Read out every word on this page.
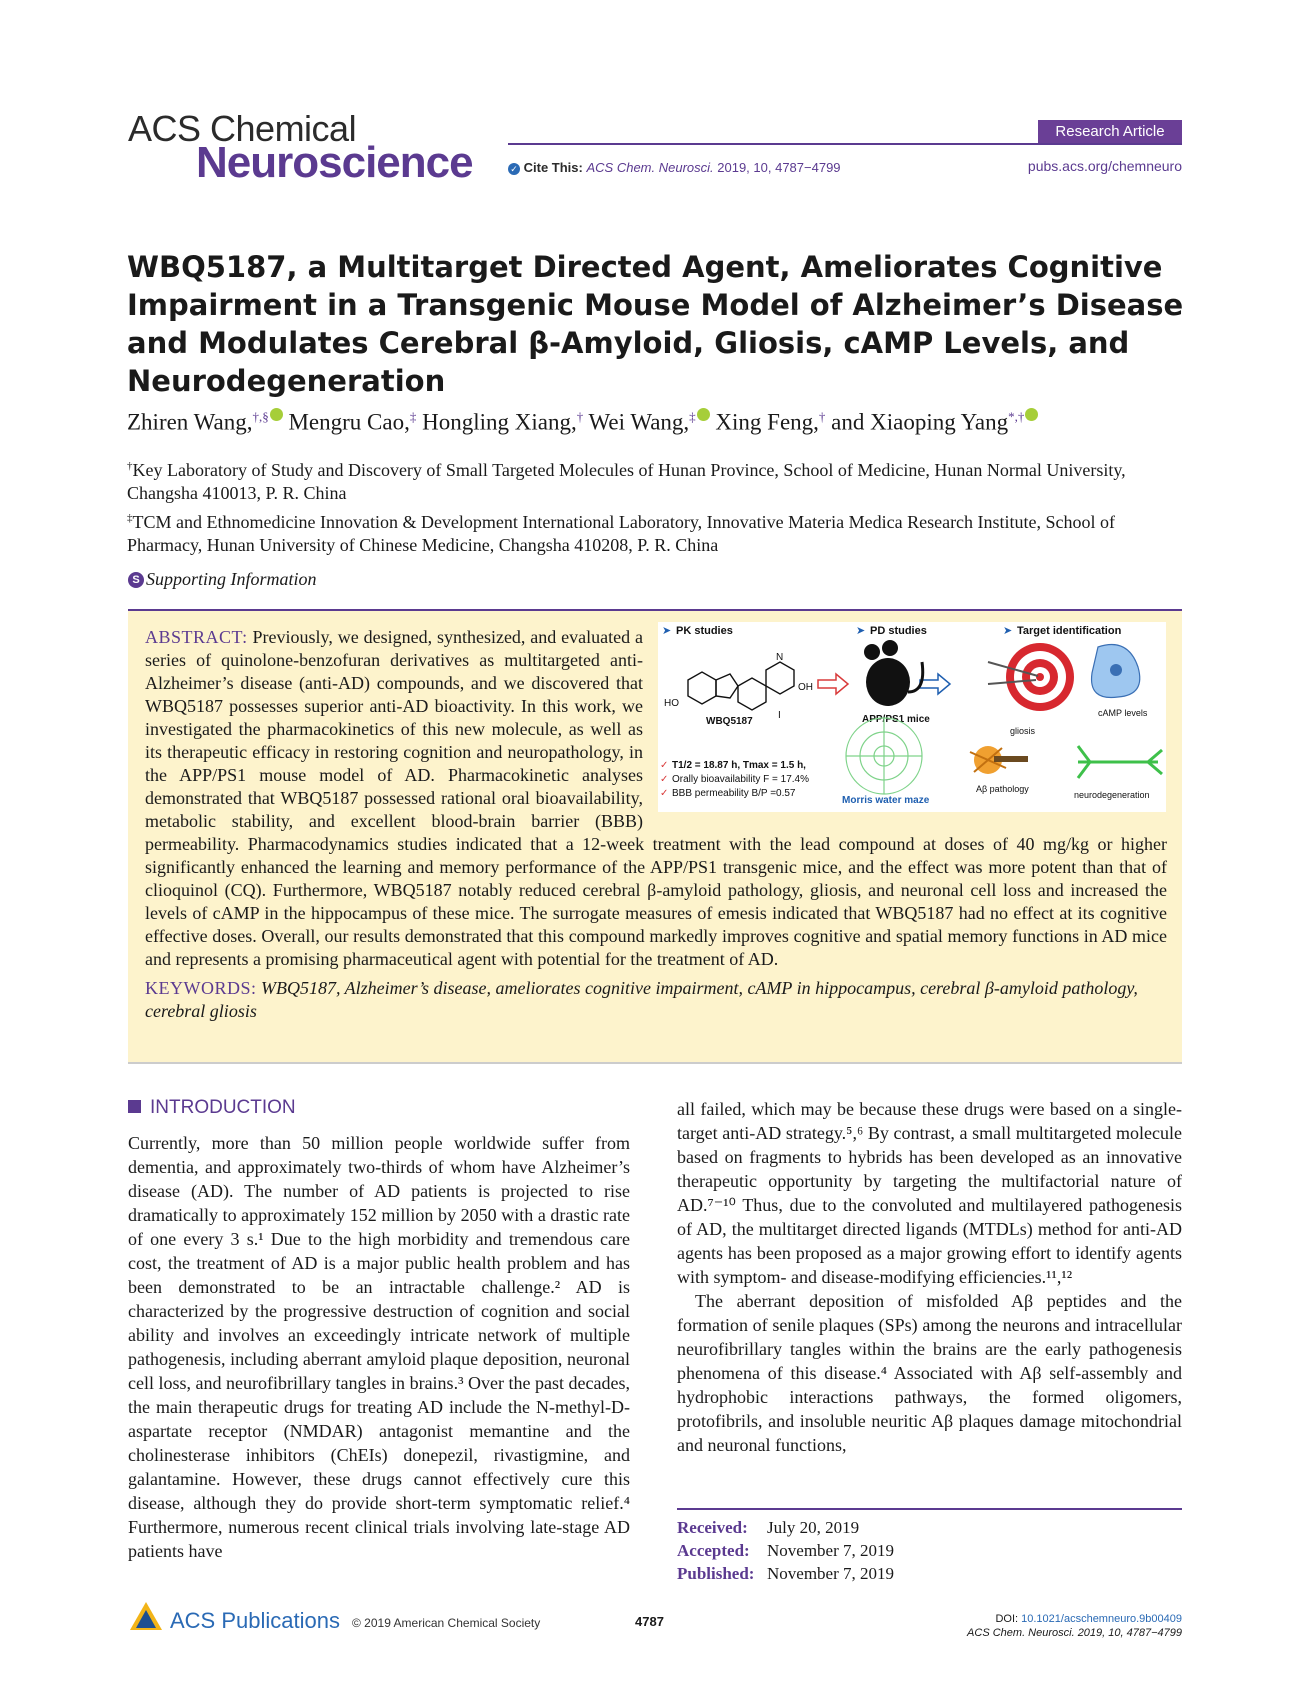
ACS Chemical
Neuroscience
Research Article
✓ Cite This: ACS Chem. Neurosci. 2019, 10, 4787−4799	pubs.acs.org/chemneuro
WBQ5187, a Multitarget Directed Agent, Ameliorates Cognitive Impairment in a Transgenic Mouse Model of Alzheimer’s Disease and Modulates Cerebral β-Amyloid, Gliosis, cAMP Levels, and Neurodegeneration
Zhiren Wang,†,§ Mengru Cao,‡ Hongling Xiang,† Wei Wang,‡ Xing Feng,† and Xiaoping Yang*,†
†Key Laboratory of Study and Discovery of Small Targeted Molecules of Hunan Province, School of Medicine, Hunan Normal University, Changsha 410013, P. R. China
‡TCM and Ethnomedicine Innovation & Development International Laboratory, Innovative Materia Medica Research Institute, School of Pharmacy, Hunan University of Chinese Medicine, Changsha 410208, P. R. China
S Supporting Information
➤ PK studies	➤ PD studies	➤ Target identification
HO
OH
N
I
WBQ5187	APP/PS1 mice
Morris water maze
cAMP levels
gliosis
Aβ pathology
neurodegeneration
✓ T1/2 = 18.87 h, Tmax = 1.5 h,
✓ Orally bioavailability F = 17.4%
✓ BBB permeability B/P =0.57
ABSTRACT: Previously, we designed, synthesized, and evaluated a series of quinolone-benzofuran derivatives as multitargeted anti-Alzheimer’s disease (anti-AD) compounds, and we discovered that WBQ5187 possesses superior anti-AD bioactivity. In this work, we investigated the pharmacokinetics of this new molecule, as well as its therapeutic efficacy in restoring cognition and neuropathology, in the APP/PS1 mouse model of AD. Pharmacokinetic analyses demonstrated that WBQ5187 possessed rational oral bioavailability, metabolic stability, and excellent blood-brain barrier (BBB) permeability. Pharmacodynamics studies indicated that a 12-week treatment with the lead compound at doses of 40 mg/kg or higher significantly enhanced the learning and memory performance of the APP/PS1 transgenic mice, and the effect was more potent than that of clioquinol (CQ). Furthermore, WBQ5187 notably reduced cerebral β-amyloid pathology, gliosis, and neuronal cell loss and increased the levels of cAMP in the hippocampus of these mice. The surrogate measures of emesis indicated that WBQ5187 had no effect at its cognitive effective doses. Overall, our results demonstrated that this compound markedly improves cognitive and spatial memory functions in AD mice and represents a promising pharmaceutical agent with potential for the treatment of AD.
KEYWORDS: WBQ5187, Alzheimer’s disease, ameliorates cognitive impairment, cAMP in hippocampus, cerebral β-amyloid pathology, cerebral gliosis
INTRODUCTION
Currently, more than 50 million people worldwide suffer from dementia, and approximately two-thirds of whom have Alzheimer’s disease (AD). The number of AD patients is projected to rise dramatically to approximately 152 million by 2050 with a drastic rate of one every 3 s.¹ Due to the high morbidity and tremendous care cost, the treatment of AD is a major public health problem and has been demonstrated to be an intractable challenge.² AD is characterized by the progressive destruction of cognition and social ability and involves an exceedingly intricate network of multiple pathogenesis, including aberrant amyloid plaque deposition, neuronal cell loss, and neurofibrillary tangles in brains.³ Over the past decades, the main therapeutic drugs for treating AD include the N-methyl-D-aspartate receptor (NMDAR) antagonist memantine and the cholinesterase inhibitors (ChEIs) donepezil, rivastigmine, and galantamine. However, these drugs cannot effectively cure this disease, although they do provide short-term symptomatic relief.⁴ Furthermore, numerous recent clinical trials involving late-stage AD patients have
all failed, which may be because these drugs were based on a single-target anti-AD strategy.⁵,⁶ By contrast, a small multitargeted molecule based on fragments to hybrids has been developed as an innovative therapeutic opportunity by targeting the multifactorial nature of AD.⁷⁻¹⁰ Thus, due to the convoluted and multilayered pathogenesis of AD, the multitarget directed ligands (MTDLs) method for anti-AD agents has been proposed as a major growing effort to identify agents with symptom- and disease-modifying efficiencies.¹¹,¹²
The aberrant deposition of misfolded Aβ peptides and the formation of senile plaques (SPs) among the neurons and intracellular neurofibrillary tangles within the brains are the early pathogenesis phenomena of this disease.⁴ Associated with Aβ self-assembly and hydrophobic interactions pathways, the formed oligomers, protofibrils, and insoluble neuritic Aβ plaques damage mitochondrial and neuronal functions,
Received: July 20, 2019
Accepted: November 7, 2019
Published: November 7, 2019
ACS Publications © 2019 American Chemical Society	4787	DOI: 10.1021/acschemneuro.9b00409
ACS Chem. Neurosci. 2019, 10, 4787−4799
